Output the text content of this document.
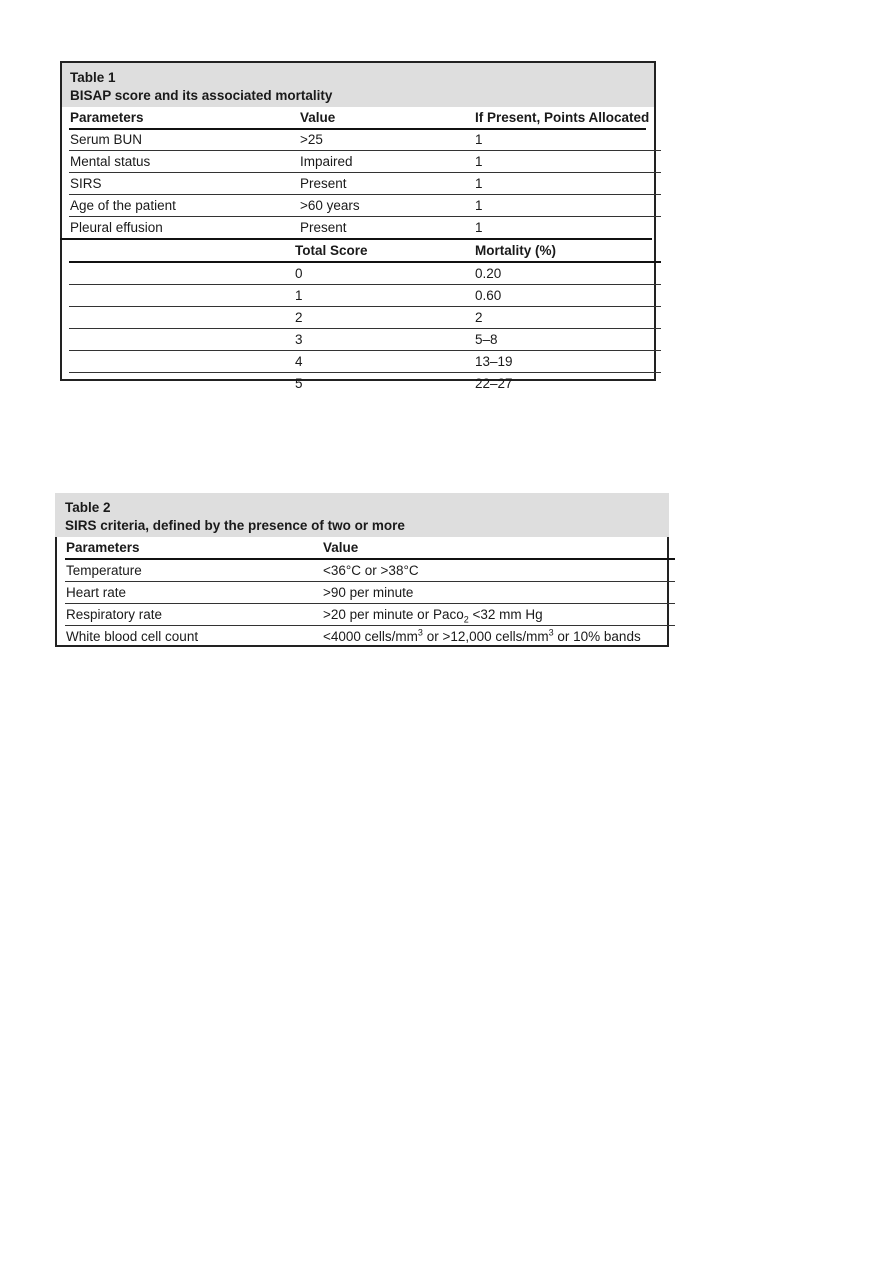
Table 1
BISAP score and its associated mortality
Parameters	Value	If Present, Points Allocated
Serum BUN	>25	1
Mental status	Impaired	1
SIRS	Present	1
Age of the patient	>60 years	1
Pleural effusion	Present	1
Total Score	Mortality (%)
0	0.20
1	0.60
2	2
3	5–8
4	13–19
5	22–27
Table 2
SIRS criteria, defined by the presence of two or more
Parameters	Value
Temperature	<36°C or >38°C
Heart rate	>90 per minute
Respiratory rate	>20 per minute or Paco$_2$ <32 mm Hg
White blood cell count	<4000 cells/$mm^3$ or >12,000 cells/$mm^3$ or 10% bands
